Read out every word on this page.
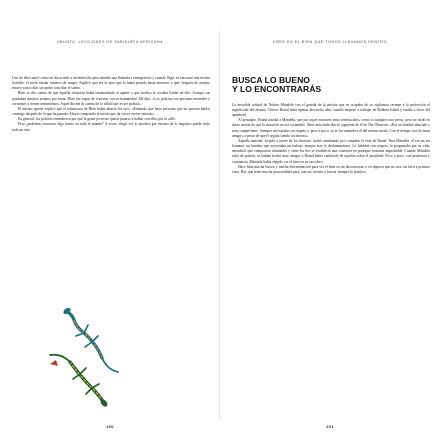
UBUNTU. LECCIONES DE SABIDURÍA AFRICANA

Uno de ellos narró cómo un día acudió a un domicilio para atender una llamada a emergencias y cuando llegó, se encontró una escena horrible: el suelo estaba cubierto de sangre. Explicó que era lo peor que le había pasado hasta entonces y que, después de ayudar, estuvo varios días sin poder conciliar el sueño.

Blair se dio cuenta de que aquella situación había traumatizado al agente y que incluso le costaba hablar de ello. Aunque sus quedaban muchos asuntos por tratar, Blair fue capaz de conectar con su humanidad. Me dijo: «Los policías son personas normales y corrientes y tienen sentimientos. Aquel día me di cuenta de lo difícil que es ser policía».

El mismo agente explicó que el testimonio de Blair había abierto los ojos: «Entiendo que haya personas que no quieran hablar conmigo después de lo que ha pasado. Ahora comprendo el miedo que da crecer en ese entorno».

En general, los policías entendieron por qué la gente joven no quería pararse a hablar con ellos por la calle.

Pero ¿podemos encontrar algo bueno en todo el mundo? A veces, elegir ver lo positivo por encima de lo negativo puede serlo todo un reto.

100
CREE EN EL BIEN QUE TODOS LLEVAMOS DENTRO
BUSCA LO BUENO
Y LO ENCONTRARÁS

La increíble actitud de Nelson Mandela con el guarda de la prisión que se ocupaba de su vigilancia resume a la perfección el significado del ubuntu. Christo Brand tenía apenas dieciocho años cuando empezó a trabajar en Robben Island y estaba a favor del apartheid.

Al principio, Brand trataba a Mandela, que por aquel entonces tenía sesenta años, como a cualquier otro preso, pero no tardó en darse cuenta de que la situación no era sostenible. Años más tarde dijo lo siguiente de él en The Observer: «Era un hombre educado y muy campechano. Siempre me trataba con respeto y, poco a poco, yo le fui tratando a él del mismo modo. Con el tiempo, nos hicimos amigos, a pesar de que él seguía siendo un interno».

Aquella amistad, forjada a través de los barrotes, acabó cambiando por completo la vida de Brand. Para Mandela, él era un ser humano, un hombre que necesitaba un trabajo, aunque este lo deshumanizara. Le hablaba con respeto, le preguntaba por su vida, descubrió que compartían afinidades y entre los dos se estableció una conexión en principio bastante improbable. Cuando Mandela salió de prisión, se habían hecho muy amigos y Brand había cambiado de opinión sobre el apartheid. Poco a poco, con prudencia y constancia, Mandela había elegido ver el bien en su carcelero.

Hace falta mucha fuerza y mucha determinación para ver el bien en un desconocido o en alguien que no nos cae bien a primera vista. Hay que tener mucha personalidad para, aun así, insistir y buscar siempre lo positivo.

101
